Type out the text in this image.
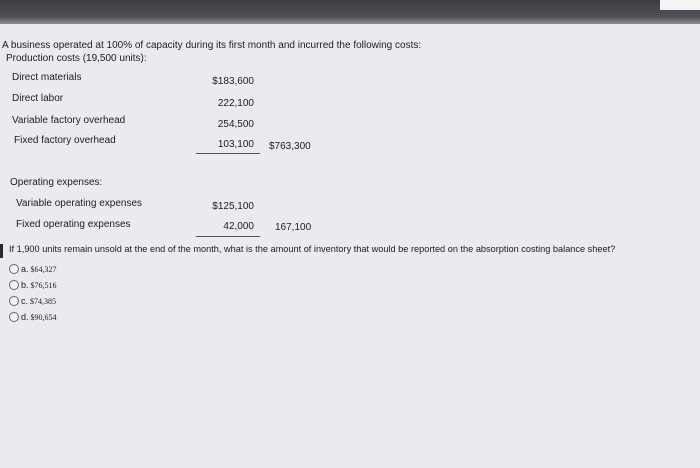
A business operated at 100% of capacity during its first month and incurred the following costs:
Production costs (19,500 units):
Direct materials	$183,600
Direct labor	222,100
Variable factory overhead	254,500
Fixed factory overhead	103,100 $763,300
Operating expenses:
Variable operating expenses	$125,100
Fixed operating expenses	42,000 167,100
If 1,900 units remain unsold at the end of the month, what is the amount of inventory that would be reported on the absorption costing balance sheet?
a. $64,327
b. $76,516
c. $74,385
d. $90,654
